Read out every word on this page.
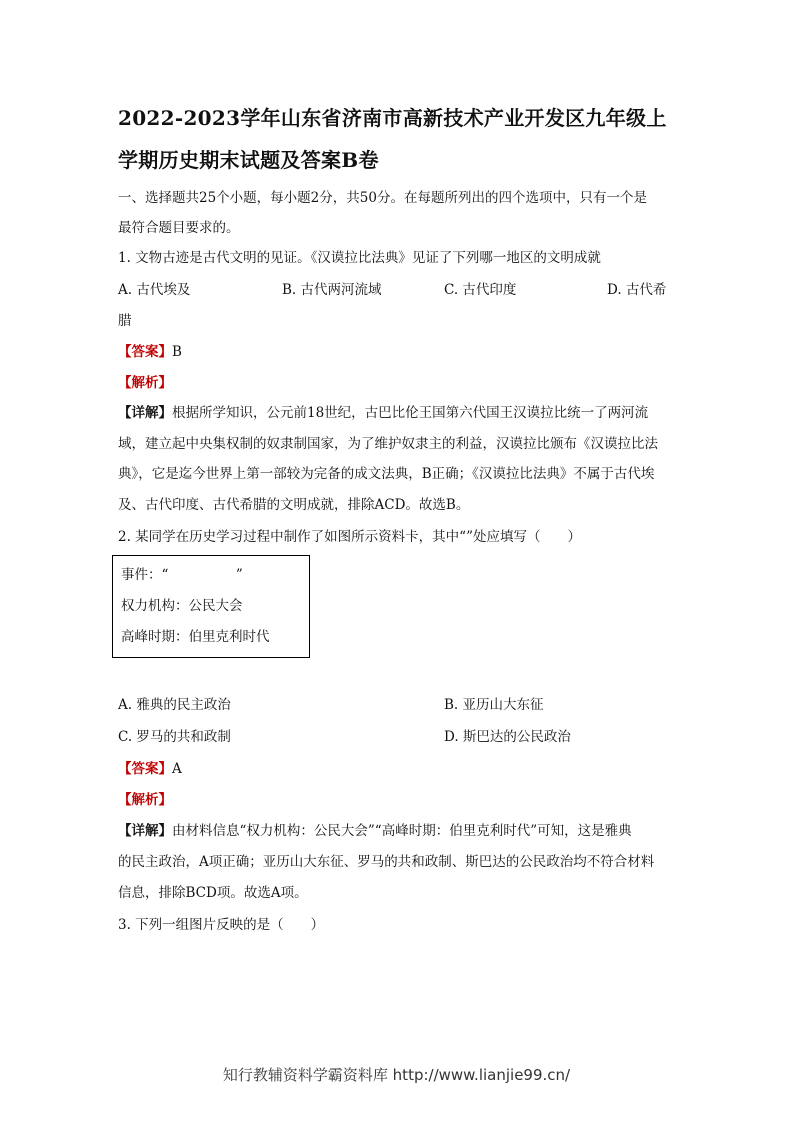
2022-2023学年山东省济南市高新技术产业开发区九年级上
学期历史期末试题及答案B卷
一、选择题共25个小题，每小题2分，共50分。在每题所列出的四个选项中，只有一个是
最符合题目要求的。
1. 文物古迹是古代文明的见证。《汉谟拉比法典》见证了下列哪一地区的文明成就
A. 古代埃及	B. 古代两河流域	C. 古代印度	D. 古代希
腊
【答案】B
【解析】
【详解】根据所学知识，公元前18世纪，古巴比伦王国第六代国王汉谟拉比统一了两河流
域，建立起中央集权制的奴隶制国家，为了维护奴隶主的利益，汉谟拉比颁布《汉谟拉比法
典》，它是迄今世界上第一部较为完备的成文法典，B正确；《汉谟拉比法典》不属于古代埃
及、古代印度、古代希腊的文明成就，排除ACD。故选B。
2. 某同学在历史学习过程中制作了如图所示资料卡，其中“”处应填写（　　）
事件：“　　　　　”
权力机构：公民大会
高峰时期：伯里克利时代
A. 雅典的民主政治	B. 亚历山大东征
C. 罗马的共和政制	D. 斯巴达的公民政治
【答案】A
【解析】
【详解】由材料信息“权力机构：公民大会”“高峰时期：伯里克利时代”可知，这是雅典
的民主政治，A项正确；亚历山大东征、罗马的共和政制、斯巴达的公民政治均不符合材料
信息，排除BCD项。故选A项。
3. 下列一组图片反映的是（　　）
知行教辅资料学霸资料库 http://www.lianjie99.cn/
